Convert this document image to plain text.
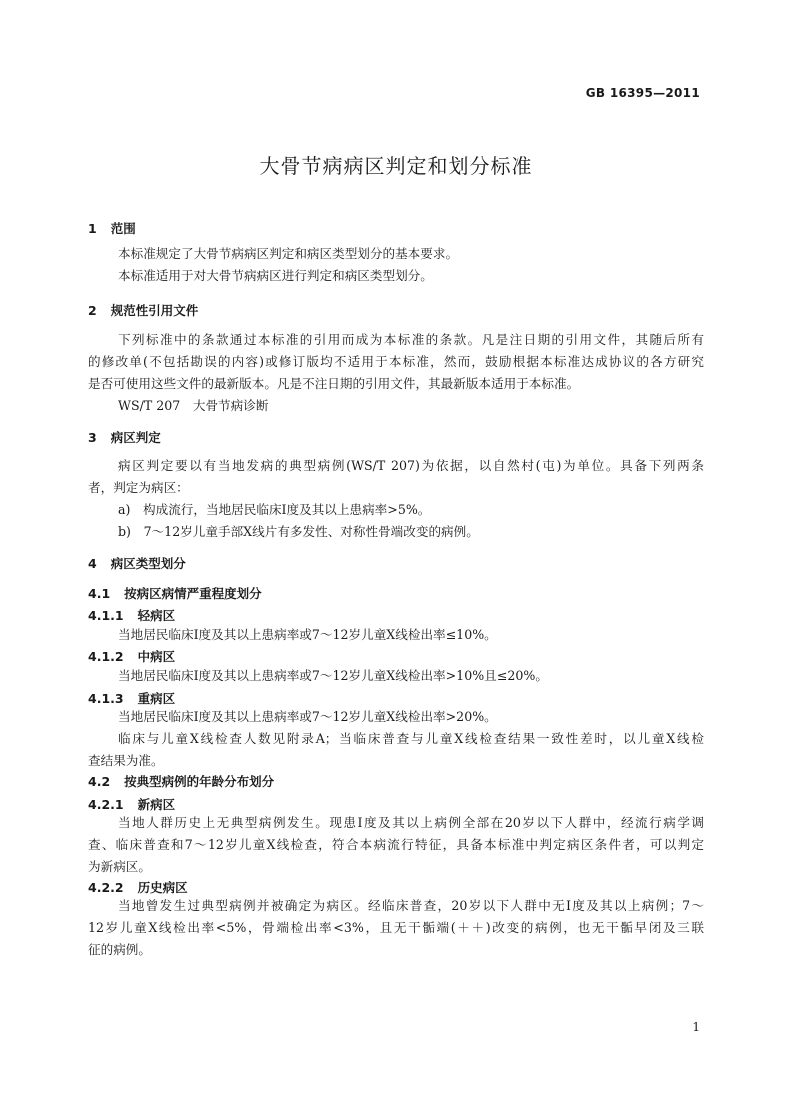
GB 16395—2011
大骨节病病区判定和划分标准
1 范围
本标准规定了大骨节病病区判定和病区类型划分的基本要求。
本标准适用于对大骨节病病区进行判定和病区类型划分。
2 规范性引用文件
下列标准中的条款通过本标准的引用而成为本标准的条款。凡是注日期的引用文件，其随后所有
的修改单(不包括勘误的内容)或修订版均不适用于本标准，然而，鼓励根据本标准达成协议的各方研究
是否可使用这些文件的最新版本。凡是不注日期的引用文件，其最新版本适用于本标准。
WS/T 207　大骨节病诊断
3 病区判定
病区判定要以有当地发病的典型病例(WS/T 207)为依据，以自然村(屯)为单位。具备下列两条
者，判定为病区：
a)　构成流行，当地居民临床Ⅰ度及其以上患病率>5%。
b)　7～12岁儿童手部X线片有多发性、对称性骨端改变的病例。
4 病区类型划分
4.1 按病区病情严重程度划分
4.1.1 轻病区
当地居民临床Ⅰ度及其以上患病率或7～12岁儿童X线检出率≤10%。
4.1.2 中病区
当地居民临床Ⅰ度及其以上患病率或7～12岁儿童X线检出率>10%且≤20%。
4.1.3 重病区
当地居民临床Ⅰ度及其以上患病率或7～12岁儿童X线检出率>20%。
临床与儿童X线检查人数见附录A；当临床普查与儿童X线检查结果一致性差时，以儿童X线检
查结果为准。
4.2 按典型病例的年龄分布划分
4.2.1 新病区
当地人群历史上无典型病例发生。现患Ⅰ度及其以上病例全部在20岁以下人群中，经流行病学调
查、临床普查和7～12岁儿童X线检查，符合本病流行特征，具备本标准中判定病区条件者，可以判定
为新病区。
4.2.2 历史病区
当地曾发生过典型病例并被确定为病区。经临床普查，20岁以下人群中无Ⅰ度及其以上病例；7～
12岁儿童X线检出率<5%，骨端检出率<3%，且无干骺端(＋＋)改变的病例，也无干骺早闭及三联
征的病例。
1
